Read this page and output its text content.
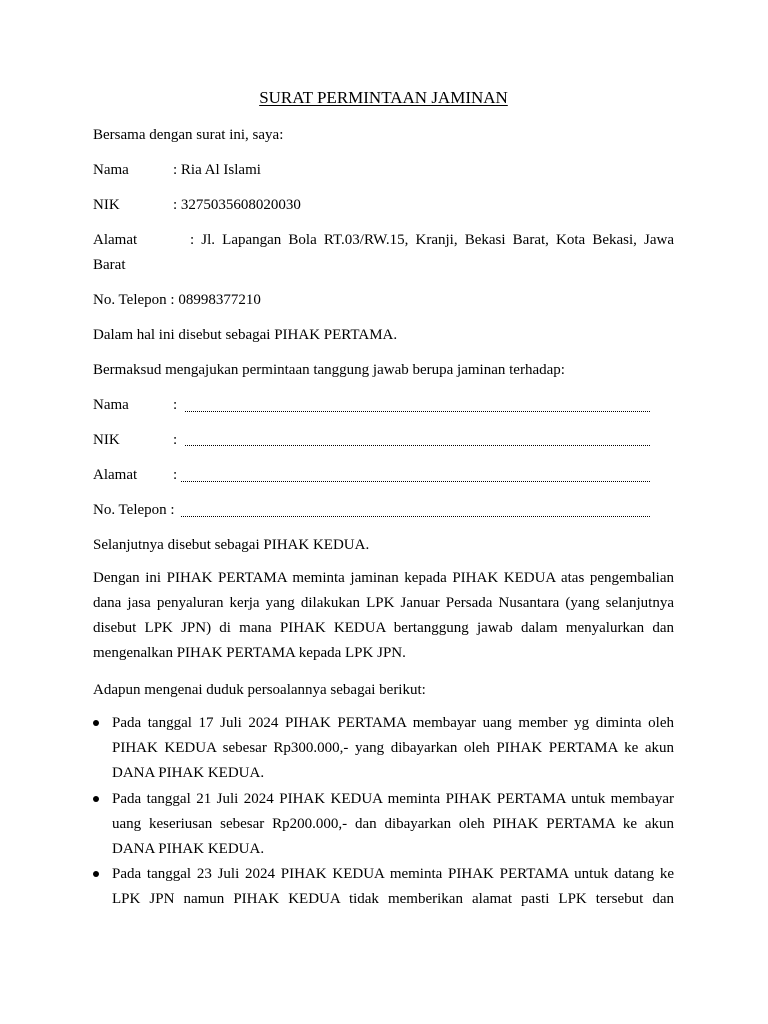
SURAT PERMINTAAN JAMINAN
Bersama dengan surat ini, saya:
Nama	: Ria Al Islami
NIK	: 3275035608020030
Alamat	: Jl. Lapangan Bola RT.03/RW.15, Kranji, Bekasi Barat, Kota Bekasi, Jawa
Barat
No. Telepon : 08998377210
Dalam hal ini disebut sebagai PIHAK PERTAMA.
Bermaksud mengajukan permintaan tanggung jawab berupa jaminan terhadap:
Nama	:
NIK	:
Alamat :
No. Telepon :
Selanjutnya disebut sebagai PIHAK KEDUA.
Dengan ini PIHAK PERTAMA meminta jaminan kepada PIHAK KEDUA atas pengembalian
dana jasa penyaluran kerja yang dilakukan LPK Januar Persada Nusantara (yang selanjutnya
disebut LPK JPN) di mana PIHAK KEDUA bertanggung jawab dalam menyalurkan dan
mengenalkan PIHAK PERTAMA kepada LPK JPN.
Adapun mengenai duduk persoalannya sebagai berikut:
Pada tanggal 17 Juli 2024 PIHAK PERTAMA membayar uang member yg diminta oleh
PIHAK KEDUA sebesar Rp300.000,- yang dibayarkan oleh PIHAK PERTAMA ke akun
DANA PIHAK KEDUA.
Pada tanggal 21 Juli 2024 PIHAK KEDUA meminta PIHAK PERTAMA untuk membayar
uang keseriusan sebesar Rp200.000,- dan dibayarkan oleh PIHAK PERTAMA ke akun
DANA PIHAK KEDUA.
Pada tanggal 23 Juli 2024 PIHAK KEDUA meminta PIHAK PERTAMA untuk datang ke
LPK JPN namun PIHAK KEDUA tidak memberikan alamat pasti LPK tersebut dan
